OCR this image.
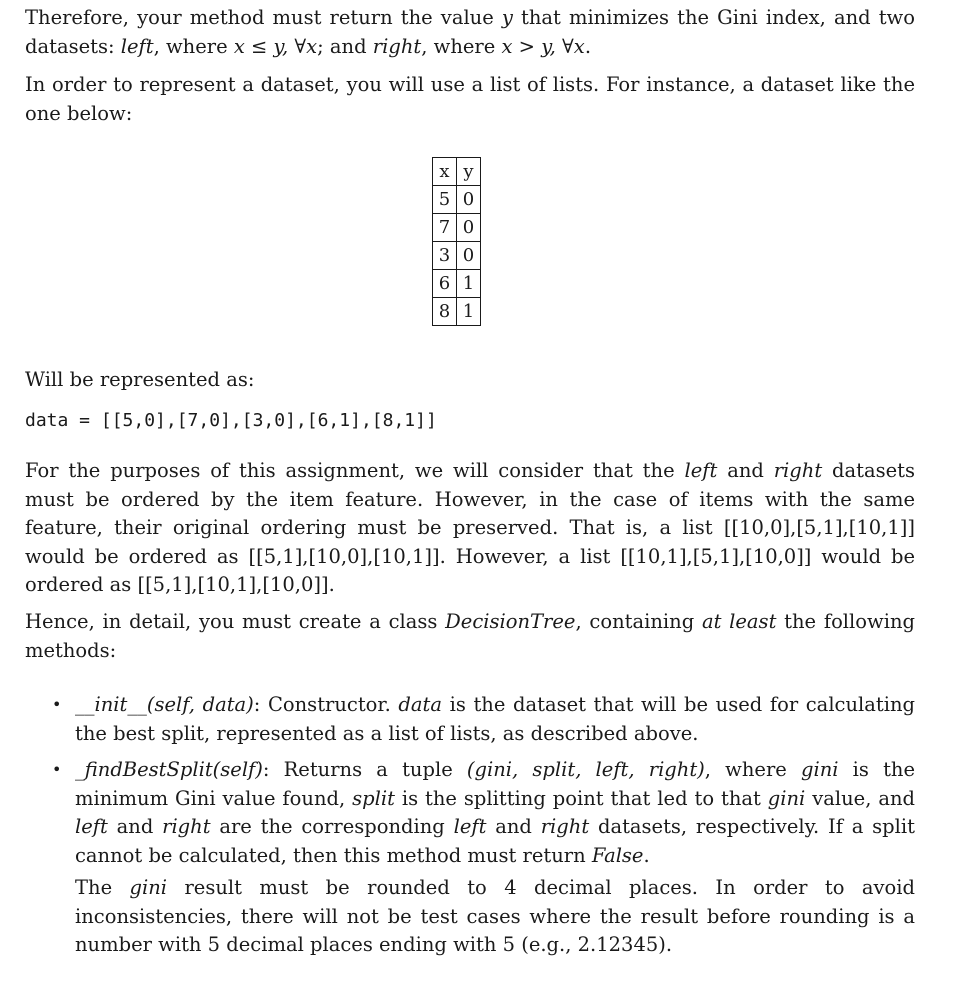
Therefore, your method must return the value y that minimizes the Gini index, and two datasets: left, where x ≤ y, ∀x; and right, where x > y, ∀x.

In order to represent a dataset, you will use a list of lists. For instance, a dataset like the one below:

x	y
5	0
7	0
3	0
6	1
8	1

Will be represented as:

data = [[5,0],[7,0],[3,0],[6,1],[8,1]]

For the purposes of this assignment, we will consider that the left and right datasets must be ordered by the item feature. However, in the case of items with the same feature, their original ordering must be preserved. That is, a list [[10,0],[5,1],[10,1]] would be ordered as [[5,1],[10,0],[10,1]]. However, a list [[10,1],[5,1],[10,0]] would be ordered as [[5,1],[10,1],[10,0]].

Hence, in detail, you must create a class DecisionTree, containing at least the following methods:

• __init__(self, data): Constructor. data is the dataset that will be used for calculating the best split, represented as a list of lists, as described above.

• _findBestSplit(self): Returns a tuple (gini, split, left, right), where gini is the minimum Gini value found, split is the splitting point that led to that gini value, and left and right are the corresponding left and right datasets, respectively. If a split cannot be calculated, then this method must return False.

The gini result must be rounded to 4 decimal places. In order to avoid inconsistencies, there will not be test cases where the result before rounding is a number with 5 decimal places ending with 5 (e.g., 2.12345).
